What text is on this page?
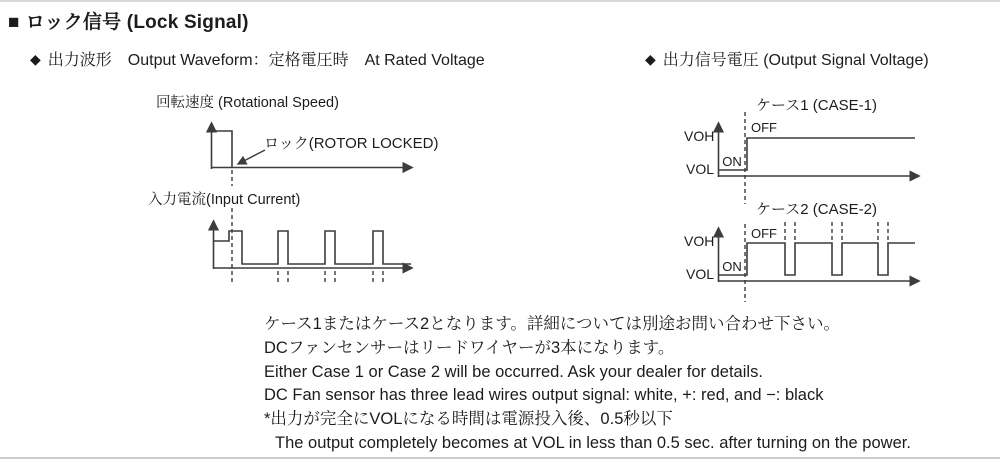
■ ロック信号 (Lock Signal)
◆ 出力波形　Output Waveform：定格電圧時　At Rated Voltage	◆ 出力信号電圧 (Output Signal Voltage)
回転速度 (Rotational Speed)
ロック(ROTOR LOCKED)
入力電流(Input Current)
ケース1 (CASE-1)
VOH
VOL ON
OFF
ケース2 (CASE-2)
VOH
VOL ON
OFF
ケース1またはケース2となります。詳細については別途お問い合わせ下さい。
DCファンセンサーはリードワイヤーが3本になります。
Either Case 1 or Case 2 will be occurred. Ask your dealer for details.
DC Fan sensor has three lead wires output signal: white, +: red, and −: black
*出力が完全にVOLになる時間は電源投入後、0.5秒以下
The output completely becomes at VOL in less than 0.5 sec. after turning on the power.
